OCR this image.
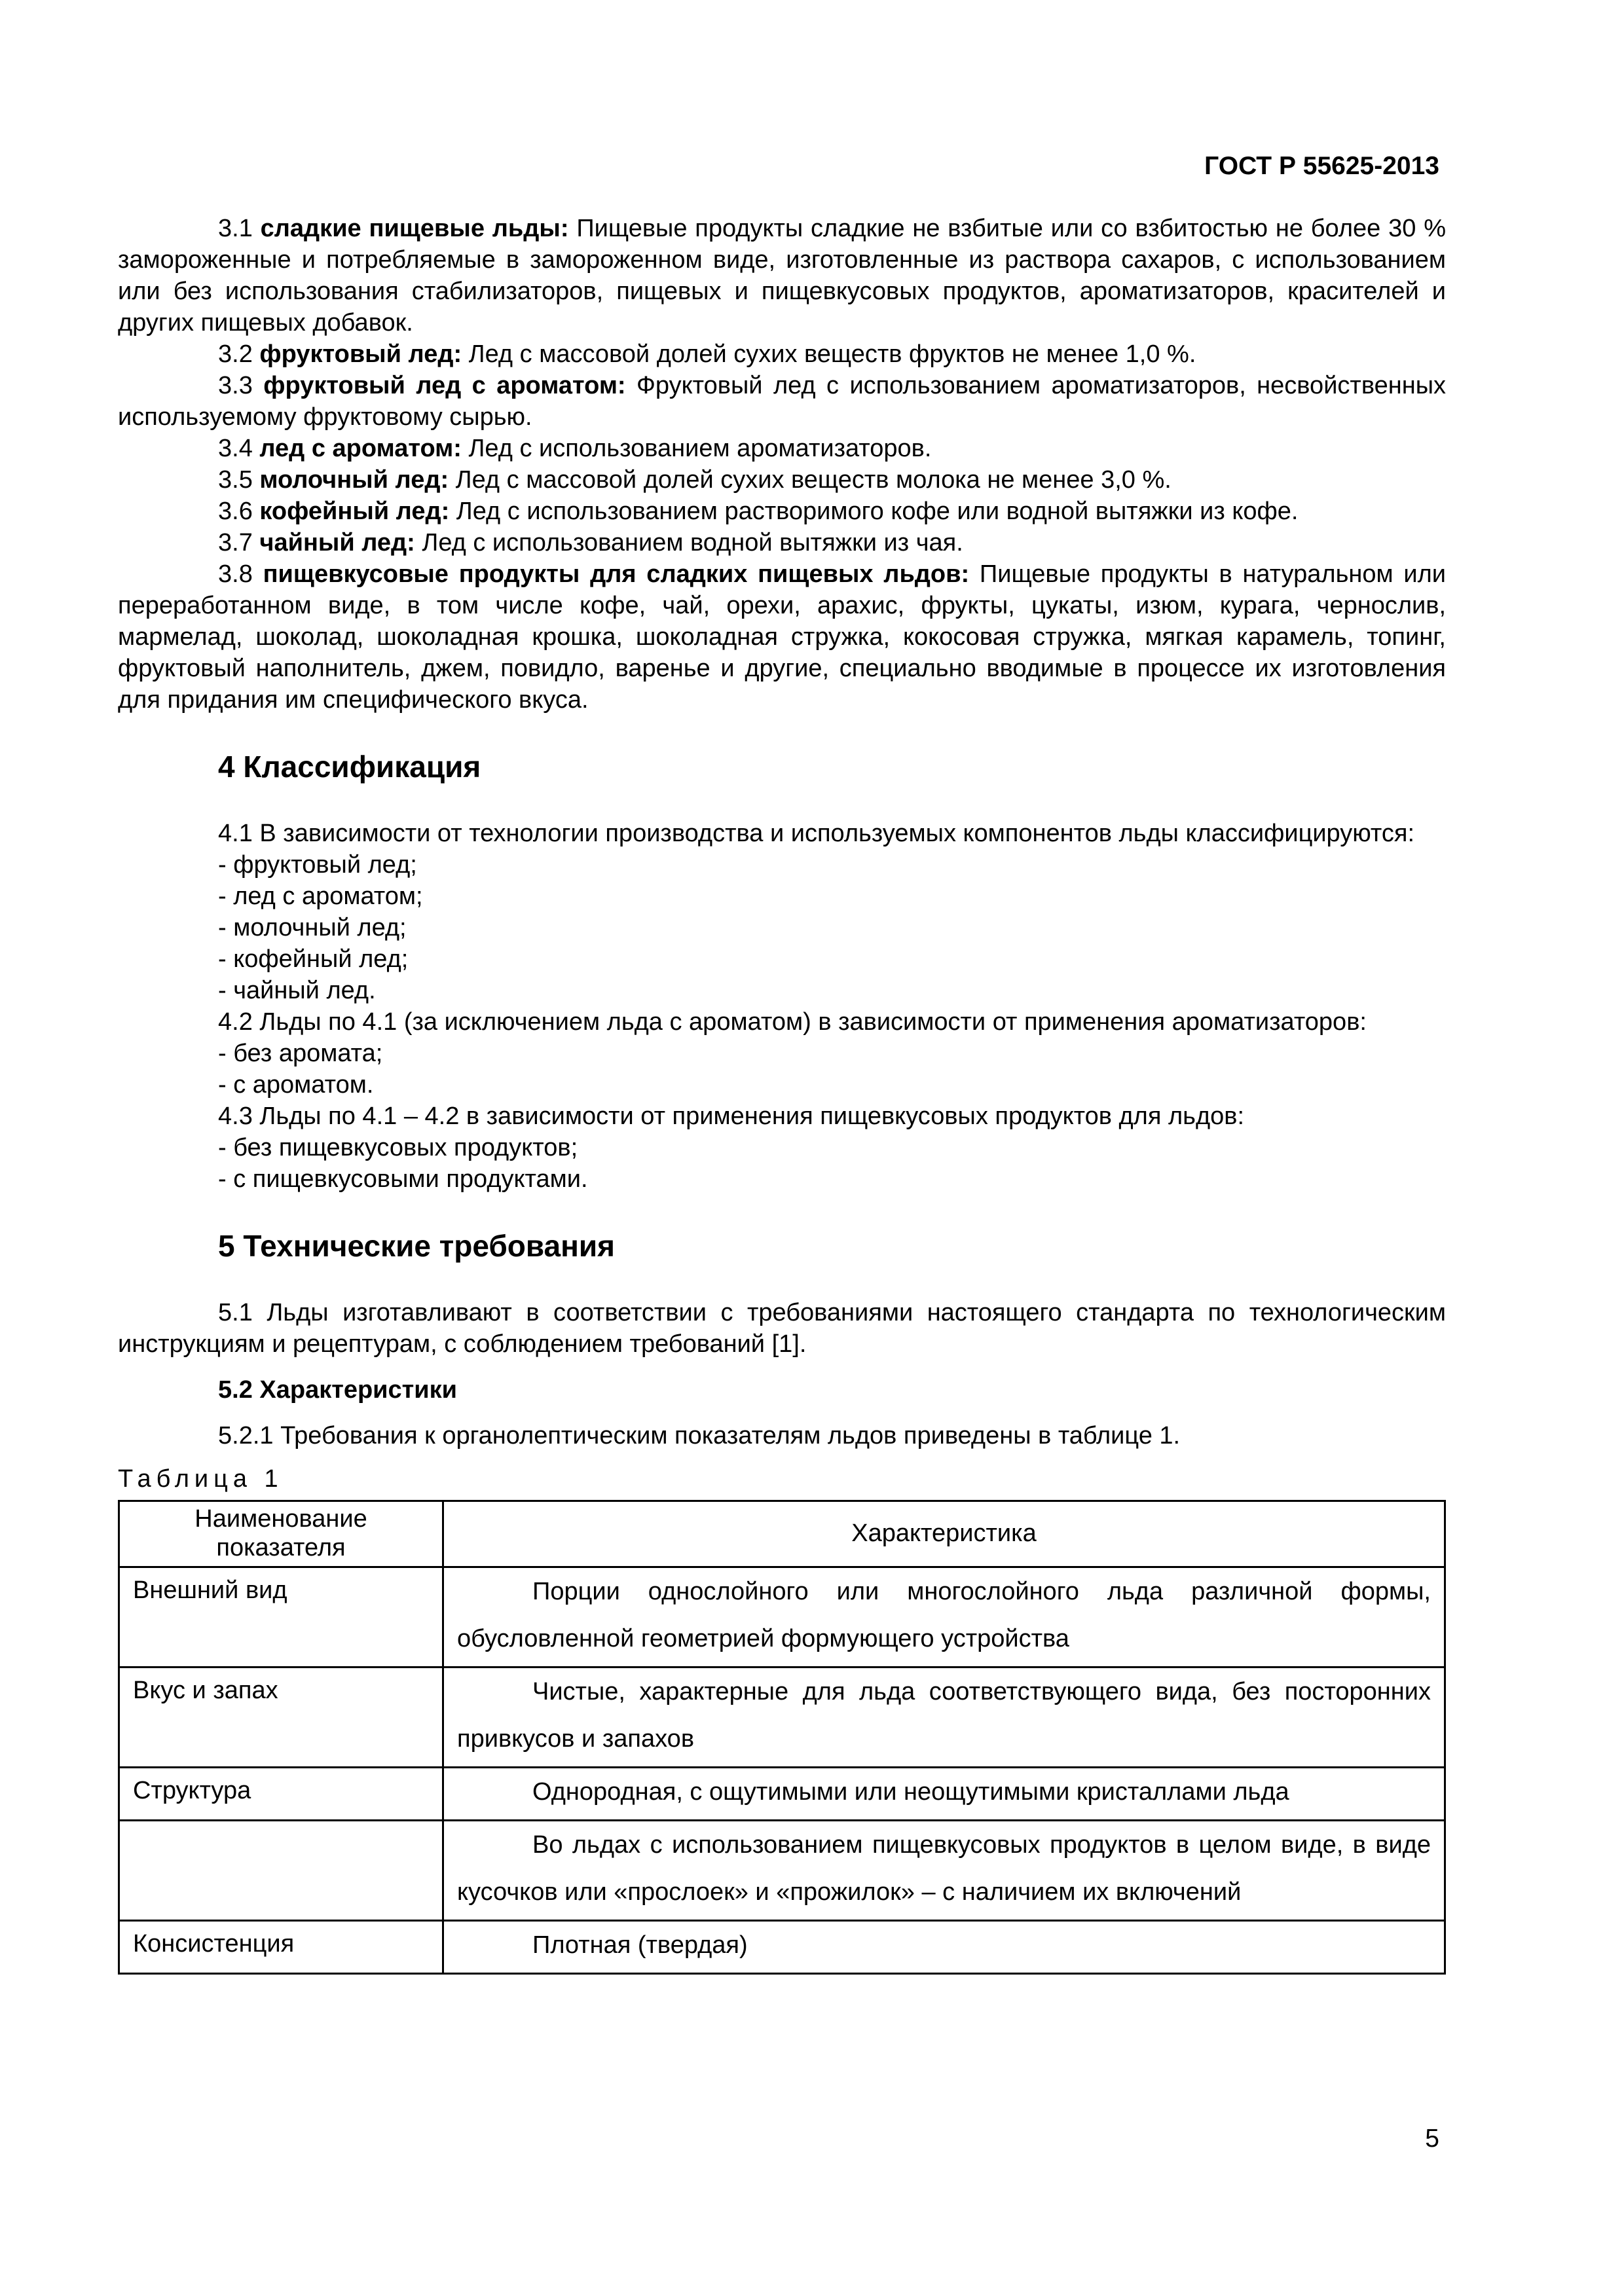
ГОСТ Р 55625-2013

3.1 сладкие пищевые льды: Пищевые продукты сладкие не взбитые или со взбитостью не более 30 % замороженные и потребляемые в замороженном виде, изготовленные из раствора сахаров, с использованием или без использования стабилизаторов, пищевых и пищевкусовых продуктов, ароматизаторов, красителей и других пищевых добавок.

3.2 фруктовый лед: Лед с массовой долей сухих веществ фруктов не менее 1,0 %.

3.3 фруктовый лед с ароматом: Фруктовый лед с использованием ароматизаторов, несвойственных используемому фруктовому сырью.

3.4 лед с ароматом: Лед с использованием ароматизаторов.

3.5 молочный лед: Лед с массовой долей сухих веществ молока не менее 3,0 %.

3.6 кофейный лед: Лед с использованием растворимого кофе или водной вытяжки из кофе.

3.7 чайный лед: Лед с использованием водной вытяжки из чая.

3.8 пищевкусовые продукты для сладких пищевых льдов: Пищевые продукты в натуральном или переработанном виде, в том числе кофе, чай, орехи, арахис, фрукты, цукаты, изюм, курага, чернослив, мармелад, шоколад, шоколадная крошка, шоколадная стружка, кокосовая стружка, мягкая карамель, топинг, фруктовый наполнитель, джем, повидло, варенье и другие, специально вводимые в процессе их изготовления для придания им специфического вкуса.

4 Классификация

4.1 В зависимости от технологии производства и используемых компонентов льды классифицируются:

- фруктовый лед;

- лед с ароматом;

- молочный лед;

- кофейный лед;

- чайный лед.

4.2 Льды по 4.1 (за исключением льда с ароматом) в зависимости от применения ароматизаторов:

- без аромата;

- с ароматом.

4.3 Льды по 4.1 – 4.2 в зависимости от применения пищевкусовых продуктов для льдов:

- без пищевкусовых продуктов;

- с пищевкусовыми продуктами.

5 Технические требования

5.1 Льды изготавливают в соответствии с требованиями настоящего стандарта по технологическим инструкциям и рецептурам, с соблюдением требований [1].

5.2 Характеристики

5.2.1 Требования к органолептическим показателям льдов приведены в таблице 1.

Таблица 1
Наименование показателя	Характеристика
Внешний вид	Порции однослойного или многослойного льда различной формы, обусловленной геометрией формующего устройства
Вкус и запах	Чистые, характерные для льда соответствующего вида, без посторонних привкусов и запахов
Структура	Однородная, с ощутимыми или неощутимыми кристаллами льда
	Во льдах с использованием пищевкусовых продуктов в целом виде, в виде кусочков или «прослоек» и «прожилок» – с наличием их включений
Консистенция	Плотная (твердая)
5
